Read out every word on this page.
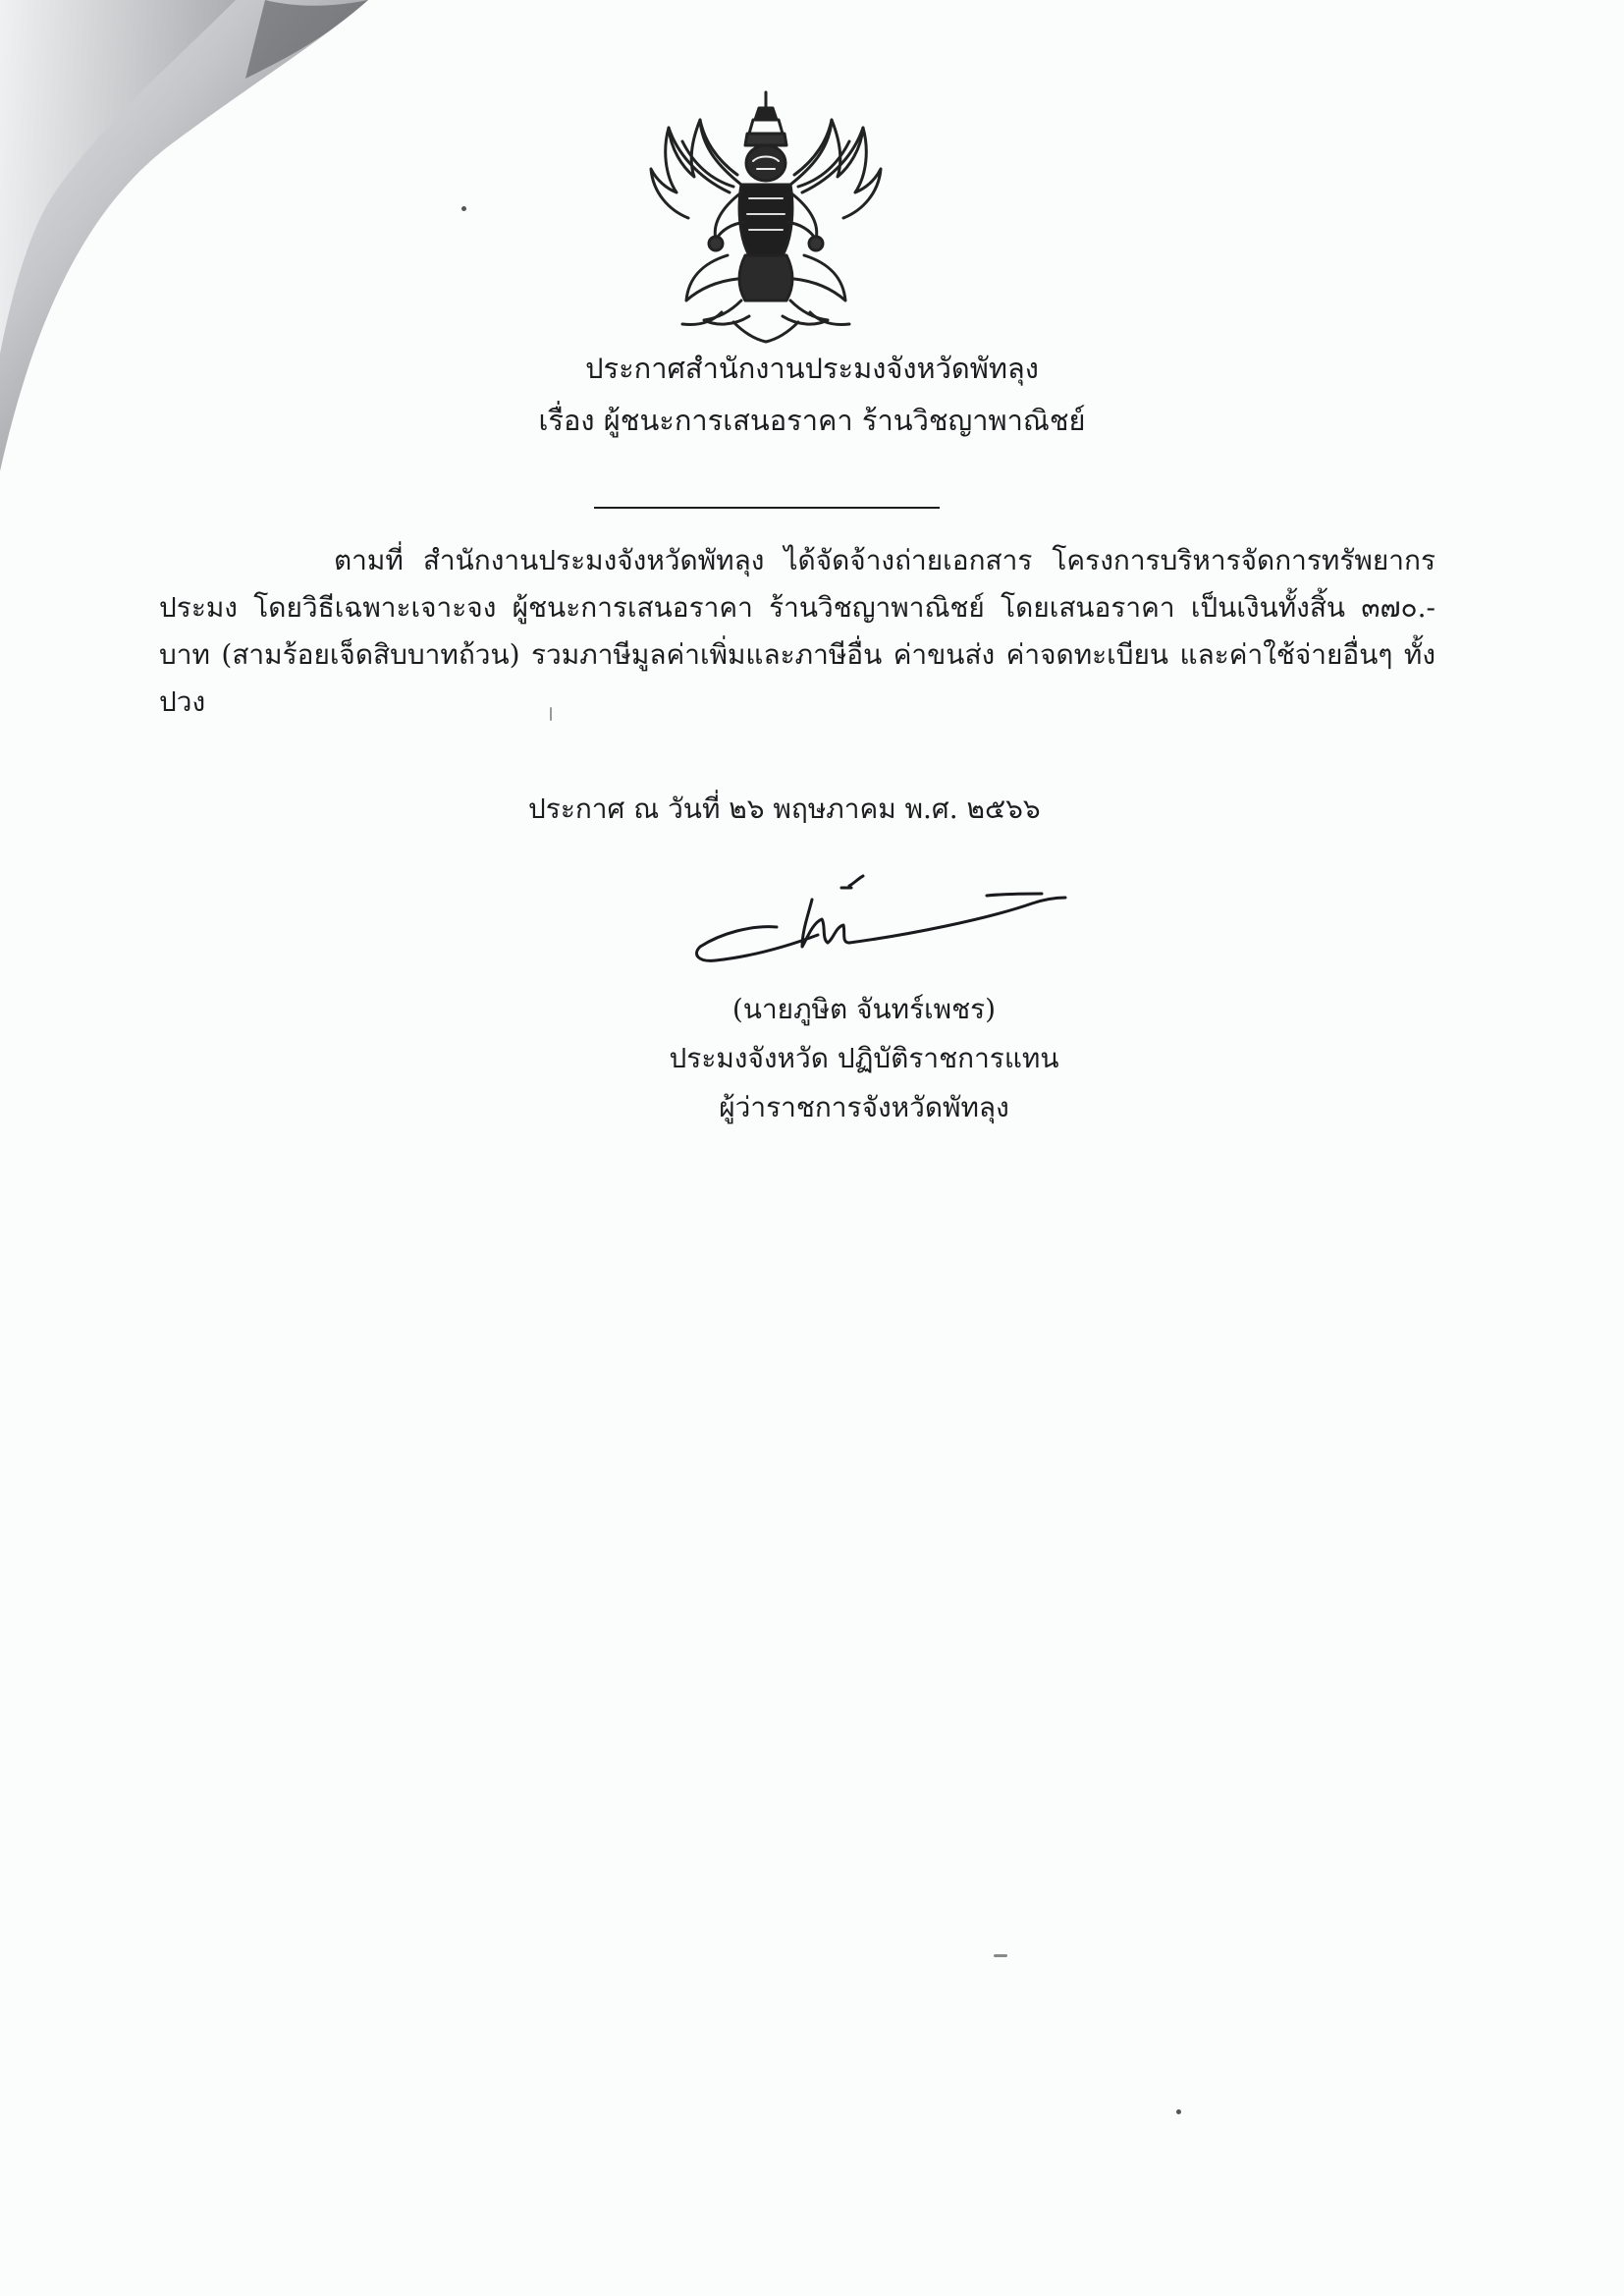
ประกาศสำนักงานประมงจังหวัดพัทลุง
เรื่อง ผู้ชนะการเสนอราคา ร้านวิชญาพาณิชย์
ตามที่ สำนักงานประมงจังหวัดพัทลุง ได้จัดจ้างถ่ายเอกสาร โครงการบริหารจัดการทรัพยากรประมง โดยวิธีเฉพาะเจาะจง ผู้ชนะการเสนอราคา ร้านวิชญาพาณิชย์ โดยเสนอราคา เป็นเงินทั้งสิ้น ๓๗๐.- บาท (สามร้อยเจ็ดสิบบาทถ้วน) รวมภาษีมูลค่าเพิ่มและภาษีอื่น ค่าขนส่ง ค่าจดทะเบียน และค่าใช้จ่ายอื่นๆ ทั้งปวง
ประกาศ ณ วันที่ ๒๖ พฤษภาคม พ.ศ. ๒๕๖๖
(นายภูษิต จันทร์เพชร)
ประมงจังหวัด ปฏิบัติราชการแทน
ผู้ว่าราชการจังหวัดพัทลุง
